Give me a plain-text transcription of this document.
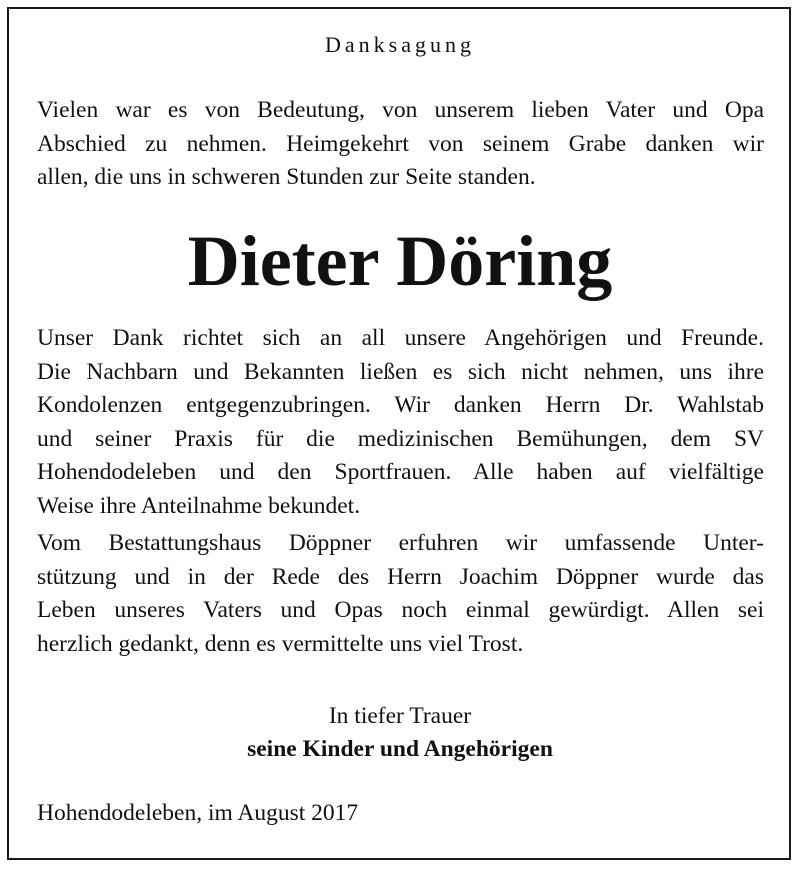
Danksagung

Vielen war es von Bedeutung, von unserem lieben Vater und Opa
Abschied zu nehmen. Heimgekehrt von seinem Grabe danken wir
allen, die uns in schweren Stunden zur Seite standen.

Dieter Döring

Unser Dank richtet sich an all unsere Angehörigen und Freunde.
Die Nachbarn und Bekannten ließen es sich nicht nehmen, uns ihre
Kondolenzen entgegenzubringen. Wir danken Herrn Dr. Wahlstab
und seiner Praxis für die medizinischen Bemühungen, dem SV
Hohendodeleben und den Sportfrauen. Alle haben auf vielfältige
Weise ihre Anteilnahme bekundet.

Vom Bestattungshaus Döppner erfuhren wir umfassende Unter-
stützung und in der Rede des Herrn Joachim Döppner wurde das
Leben unseres Vaters und Opas noch einmal gewürdigt. Allen sei
herzlich gedankt, denn es vermittelte uns viel Trost.

In tiefer Trauer
seine Kinder und Angehörigen
Hohendodeleben, im August 2017
